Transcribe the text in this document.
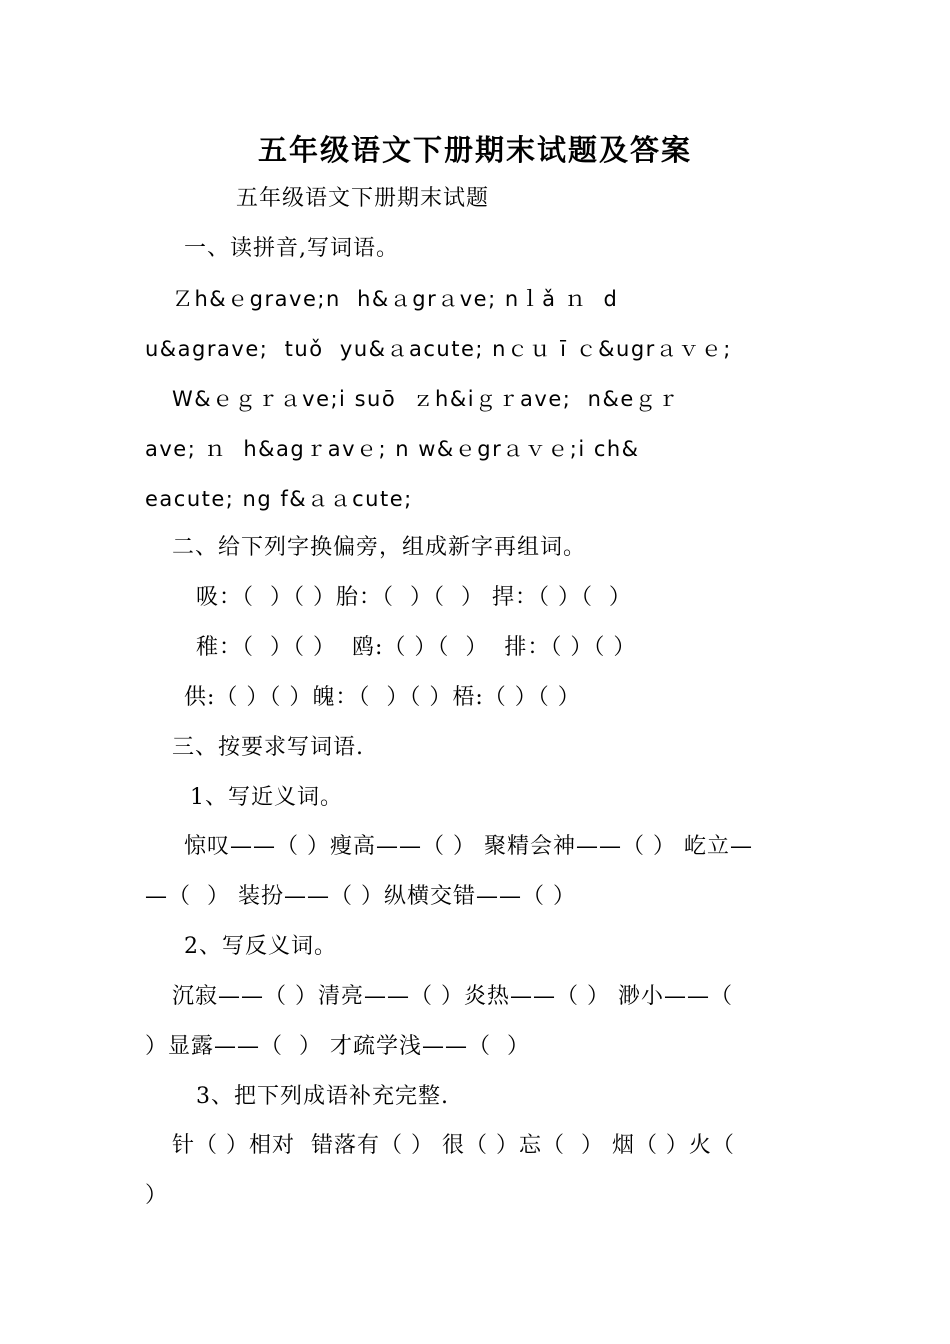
五年级语文下册期末试题及答案
五年级语文下册期末试题
一、读拼音,写词语。
Ｚh&ｅgrave;n  h&ａgrａve; nｌǎ ｎ  d
u&agrave;  tuǒ  yu&ａacute; nｃｕ ī ｃ&ugrａｖｅ;
W&ｅｇｒａve;i suō  ｚh&iｇｒave;  n&eｇｒ
ave; ｎ  h&agｒavｅ; n w&ｅgrａｖｅ;i ch&
eacute; ng f&ａａcute;
二、给下列字换偏旁，组成新字再组词。
吸：（  ）（ ）胎：（  ）（  ） 捍：（ ）（  ）
稚：（  ）（ ）  鸥:（ ）（  ）  排：（ ）（ ）
供:（ ）（ ）魄：（  ）（ ）梧:（ ）（ ）
三、按要求写词语.
1、写近义词。
惊叹——（ ）瘦高——（ ） 聚精会神——（ ） 屹立—
—（  ） 装扮——（ ）纵横交错——（ ）
2、写反义词。
沉寂——（ ）清亮——（ ）炎热——（ ） 渺小——（
）显露——（  ） 才疏学浅——（  ）
3、把下列成语补充完整.
针（ ）相对  错落有（ ） 很（ ）忘（  ） 烟（ ）火（
）
